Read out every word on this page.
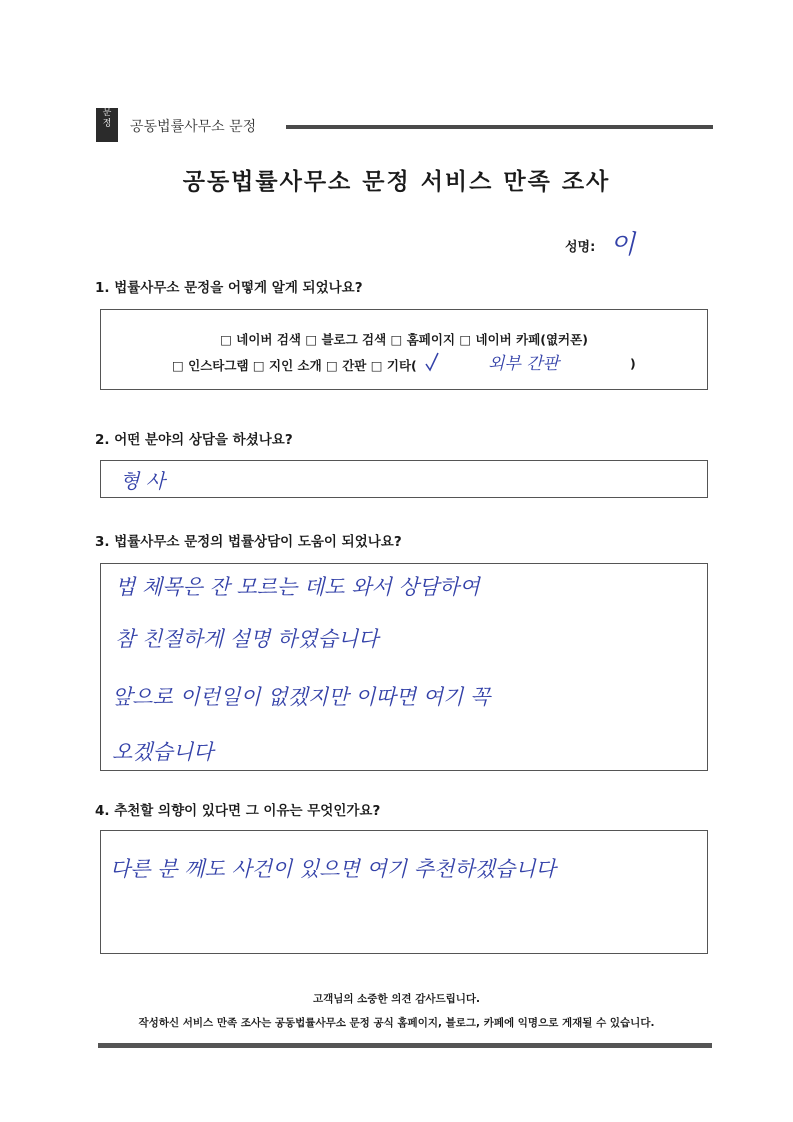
문
정	공동법률사무소 문정
공동법률사무소 문정 서비스 만족 조사
성명: 이
1. 법률사무소 문정을 어떻게 알게 되었나요?
□ 네이버 검색 □ 블로그 검색 □ 홈페이지 □ 네이버 카페(엾커폰)
□ 인스타그램 □ 지인 소개 □ 간판 □ 기타(	외부 간판	)
2. 어떤 분야의 상담을 하셨나요?
형 사
3. 법률사무소 문정의 법률상담이 도움이 되었나요?
법 체목은 잔 모르는 데도 와서 상담하여
참 친절하게 설명 하였습니다
앞으로 이런일이 없겠지만 이따면 여기 꼭
오겠습니다
4. 추천할 의향이 있다면 그 이유는 무엇인가요?
다른 분 께도 사건이 있으면 여기 추천하겠습니다
고객님의 소중한 의견 감사드립니다.
작성하신 서비스 만족 조사는 공동법률사무소 문정 공식 홈페이지, 블로그, 카페에 익명으로 게재될 수 있습니다.
